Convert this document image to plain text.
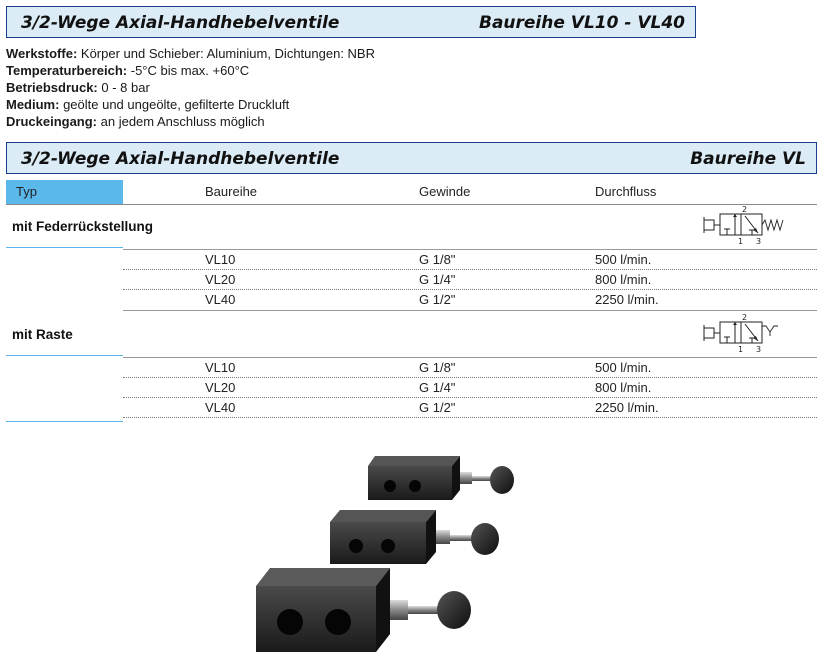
3/2-Wege Axial-Handhebelventile	Baureihe VL10 - VL40
Werkstoffe: Körper und Schieber: Aluminium, Dichtungen: NBR
Temperaturbereich: -5°C bis max. +60°C
Betriebsdruck: 0 - 8 bar
Medium: geölte und ungeölte, gefilterte Druckluft
Druckeingang: an jedem Anschluss möglich
3/2-Wege Axial-Handhebelventile	Baureihe VL
Typ	Baureihe	Gewinde	Durchfluss
mit Federrückstellung
2
1 3
VL10	G 1/8"	500 l/min.
VL20	G 1/4"	800 l/min.
VL40	G 1/2"	2250 l/min.
mit Raste
2
1 3
VL10	G 1/8"	500 l/min.
VL20	G 1/4"	800 l/min.
VL40	G 1/2"	2250 l/min.
